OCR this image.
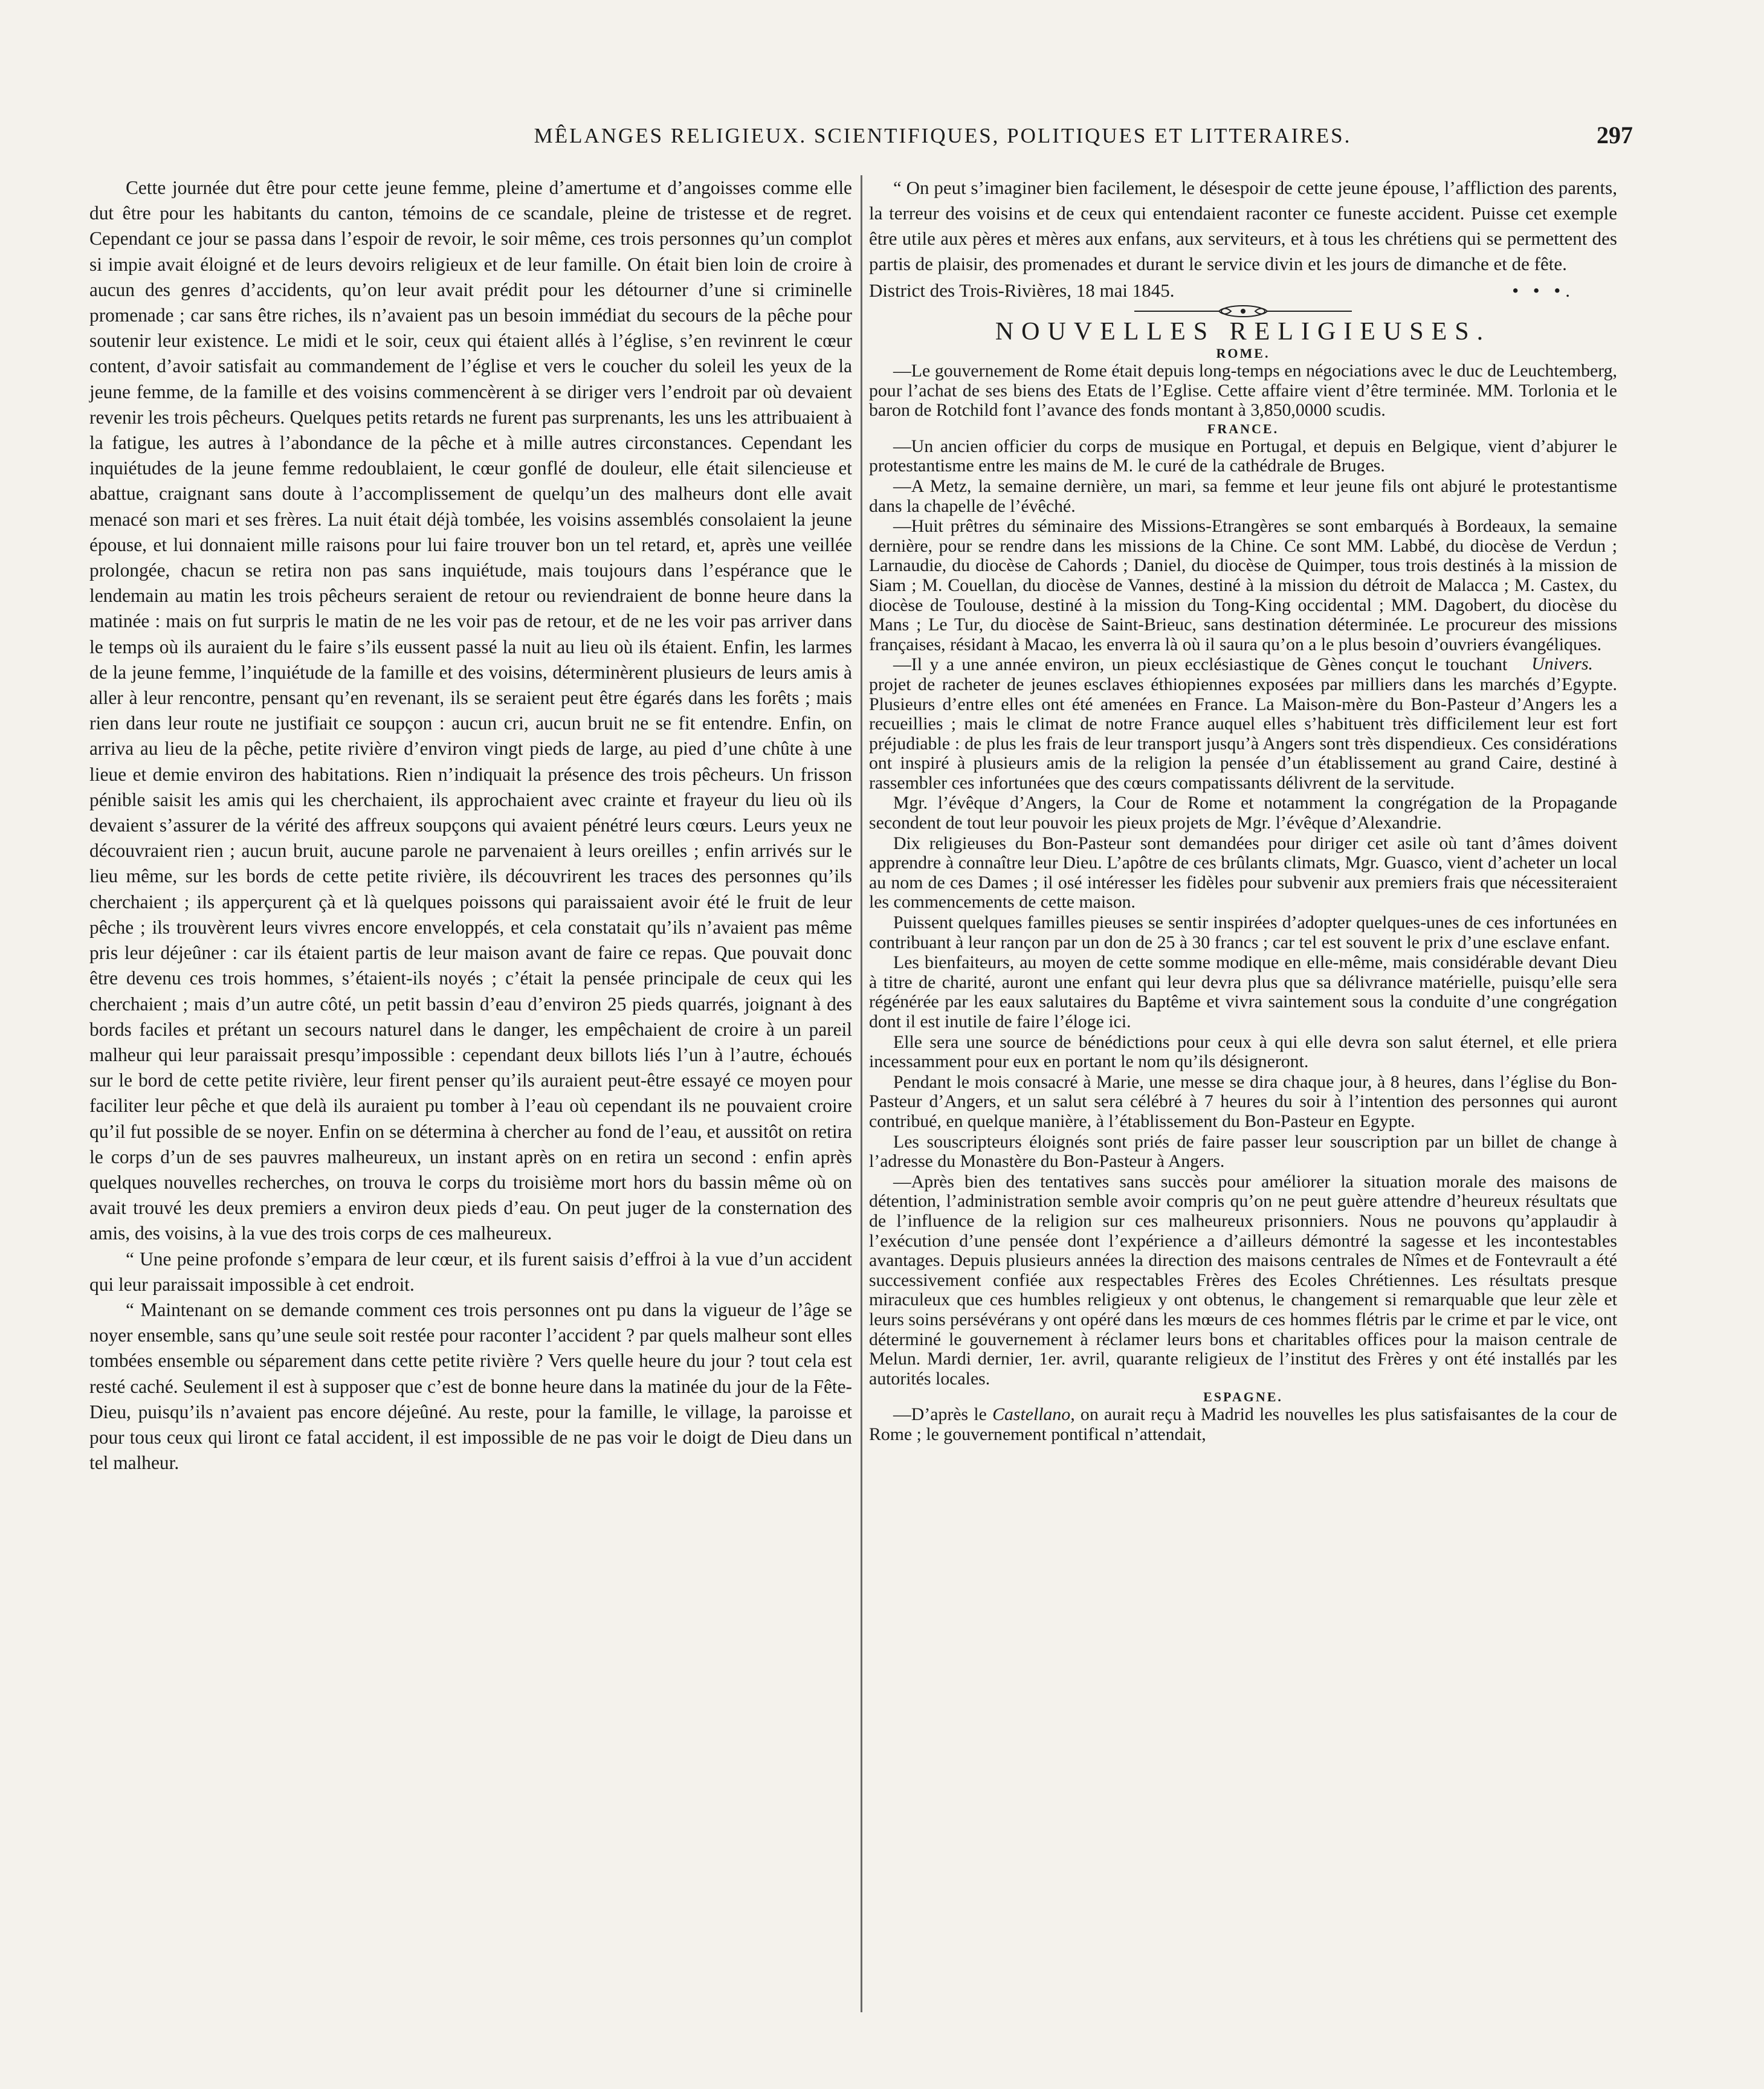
MÊLANGES RELIGIEUX. SCIENTIFIQUES, POLITIQUES ET LITTERAIRES.	297

Cette journée dut être pour cette jeune femme, pleine d’amertume et d’angoisses comme elle dut être pour les habitants du canton, témoins de ce scandale, pleine de tristesse et de regret. Cependant ce jour se passa dans l’espoir de revoir, le soir même, ces trois personnes qu’un complot si impie avait éloigné et de leurs devoirs religieux et de leur famille. On était bien loin de croire à aucun des genres d’accidents, qu’on leur avait prédit pour les détourner d’une si criminelle promenade ; car sans être riches, ils n’avaient pas un besoin immédiat du secours de la pêche pour soutenir leur existence. Le midi et le soir, ceux qui étaient allés à l’église, s’en revinrent le cœur content, d’avoir satisfait au commandement de l’église et vers le coucher du soleil les yeux de la jeune femme, de la famille et des voisins commencèrent à se diriger vers l’endroit par où devaient revenir les trois pêcheurs. Quelques petits retards ne furent pas surprenants, les uns les attribuaient à la fatigue, les autres à l’abondance de la pêche et à mille autres circonstances. Cependant les inquiétudes de la jeune femme redoublaient, le cœur gonflé de douleur, elle était silencieuse et abattue, craignant sans doute à l’accomplissement de quelqu’un des malheurs dont elle avait menacé son mari et ses frères. La nuit était déjà tombée, les voisins assemblés consolaient la jeune épouse, et lui donnaient mille raisons pour lui faire trouver bon un tel retard, et, après une veillée prolongée, chacun se retira non pas sans inquiétude, mais toujours dans l’espérance que le lendemain au matin les trois pêcheurs seraient de retour ou reviendraient de bonne heure dans la matinée : mais on fut surpris le matin de ne les voir pas de retour, et de ne les voir pas arriver dans le temps où ils auraient du le faire s’ils eussent passé la nuit au lieu où ils étaient. Enfin, les larmes de la jeune femme, l’inquiétude de la famille et des voisins, déterminèrent plusieurs de leurs amis à aller à leur rencontre, pensant qu’en revenant, ils se seraient peut être égarés dans les forêts ; mais rien dans leur route ne justifiait ce soupçon : aucun cri, aucun bruit ne se fit entendre. Enfin, on arriva au lieu de la pêche, petite rivière d’environ vingt pieds de large, au pied d’une chûte à une lieue et demie environ des habitations. Rien n’indiquait la présence des trois pêcheurs. Un frisson pénible saisit les amis qui les cherchaient, ils approchaient avec crainte et frayeur du lieu où ils devaient s’assurer de la vérité des affreux soupçons qui avaient pénétré leurs cœurs. Leurs yeux ne découvraient rien ; aucun bruit, aucune parole ne parvenaient à leurs oreilles ; enfin arrivés sur le lieu même, sur les bords de cette petite rivière, ils découvrirent les traces des personnes qu’ils cherchaient ; ils apperçurent çà et là quelques poissons qui paraissaient avoir été le fruit de leur pêche ; ils trouvèrent leurs vivres encore enveloppés, et cela constatait qu’ils n’avaient pas même pris leur déjeûner : car ils étaient partis de leur maison avant de faire ce repas. Que pouvait donc être devenu ces trois hommes, s’étaient-ils noyés ; c’était la pensée principale de ceux qui les cherchaient ; mais d’un autre côté, un petit bassin d’eau d’environ 25 pieds quarrés, joignant à des bords faciles et prétant un secours naturel dans le danger, les empêchaient de croire à un pareil malheur qui leur paraissait presqu’impossible : cependant deux billots liés l’un à l’autre, échoués sur le bord de cette petite rivière, leur firent penser qu’ils auraient peut-être essayé ce moyen pour faciliter leur pêche et que delà ils auraient pu tomber à l’eau où cependant ils ne pouvaient croire qu’il fut possible de se noyer. Enfin on se détermina à chercher au fond de l’eau, et aussitôt on retira le corps d’un de ses pauvres malheureux, un instant après on en retira un second : enfin après quelques nouvelles recherches, on trouva le corps du troisième mort hors du bassin même où on avait trouvé les deux premiers a environ deux pieds d’eau. On peut juger de la consternation des amis, des voisins, à la vue des trois corps de ces malheureux.

“ Une peine profonde s’empara de leur cœur, et ils furent saisis d’effroi à la vue d’un accident qui leur paraissait impossible à cet endroit.

“ Maintenant on se demande comment ces trois personnes ont pu dans la vigueur de l’âge se noyer ensemble, sans qu’une seule soit restée pour raconter l’accident ? par quels malheur sont elles tombées ensemble ou séparement dans cette petite rivière ? Vers quelle heure du jour ? tout cela est resté caché. Seulement il est à supposer que c’est de bonne heure dans la matinée du jour de la Fête-Dieu, puisqu’ils n’avaient pas encore déjeûné. Au reste, pour la famille, le village, la paroisse et pour tous ceux qui liront ce fatal accident, il est impossible de ne pas voir le doigt de Dieu dans un tel malheur.

“ On peut s’imaginer bien facilement, le désespoir de cette jeune épouse, l’affliction des parents, la terreur des voisins et de ceux qui entendaient raconter ce funeste accident. Puisse cet exemple être utile aux pères et mères aux enfans, aux serviteurs, et à tous les chrétiens qui se permettent des partis de plaisir, des promenades et durant le service divin et les jours de dimanche et de fête.

District des Trois-Rivières, 18 mai 1845.	• • •.
NOUVELLES RELIGIEUSES.
ROME.

—Le gouvernement de Rome était depuis long-temps en négociations avec le duc de Leuchtemberg, pour l’achat de ses biens des Etats de l’Eglise. Cette affaire vient d’être terminée. MM. Torlonia et le baron de Rotchild font l’avance des fonds montant à 3,850,0000 scudis.

FRANCE.

—Un ancien officier du corps de musique en Portugal, et depuis en Belgique, vient d’abjurer le protestantisme entre les mains de M. le curé de la cathédrale de Bruges.

—A Metz, la semaine dernière, un mari, sa femme et leur jeune fils ont abjuré le protestantisme dans la chapelle de l’évêché.

—Huit prêtres du séminaire des Missions-Etrangères se sont embarqués à Bordeaux, la semaine dernière, pour se rendre dans les missions de la Chine. Ce sont MM. Labbé, du diocèse de Verdun ; Larnaudie, du diocèse de Cahords ; Daniel, du diocèse de Quimper, tous trois destinés à la mission de Siam ; M. Couellan, du diocèse de Vannes, destiné à la mission du détroit de Malacca ; M. Castex, du diocèse de Toulouse, destiné à la mission du Tong-King occidental ; MM. Dagobert, du diocèse du Mans ; Le Tur, du diocèse de Saint-Brieuc, sans destination déterminée. Le procureur des missions françaises, résidant à Macao, les enverra là où il saura qu’on a le plus besoin d’ouvriers évangéliques.
Univers.

—Il y a une année environ, un pieux ecclésiastique de Gènes conçut le touchant projet de racheter de jeunes esclaves éthiopiennes exposées par milliers dans les marchés d’Egypte. Plusieurs d’entre elles ont été amenées en France. La Maison-mère du Bon-Pasteur d’Angers les a recueillies ; mais le climat de notre France auquel elles s’habituent très difficilement leur est fort préjudiable : de plus les frais de leur transport jusqu’à Angers sont très dispendieux. Ces considérations ont inspiré à plusieurs amis de la religion la pensée d’un établissement au grand Caire, destiné à rassembler ces infortunées que des cœurs compatissants délivrent de la servitude.

Mgr. l’évêque d’Angers, la Cour de Rome et notamment la congrégation de la Propagande secondent de tout leur pouvoir les pieux projets de Mgr. l’évêque d’Alexandrie.

Dix religieuses du Bon-Pasteur sont demandées pour diriger cet asile où tant d’âmes doivent apprendre à connaître leur Dieu. L’apôtre de ces brûlants climats, Mgr. Guasco, vient d’acheter un local au nom de ces Dames ; il osé intéresser les fidèles pour subvenir aux premiers frais que nécessiteraient les commencements de cette maison.

Puissent quelques familles pieuses se sentir inspirées d’adopter quelques-unes de ces infortunées en contribuant à leur rançon par un don de 25 à 30 francs ; car tel est souvent le prix d’une esclave enfant.

Les bienfaiteurs, au moyen de cette somme modique en elle-même, mais considérable devant Dieu à titre de charité, auront une enfant qui leur devra plus que sa délivrance matérielle, puisqu’elle sera régénérée par les eaux salutaires du Baptême et vivra saintement sous la conduite d’une congrégation dont il est inutile de faire l’éloge ici.

Elle sera une source de bénédictions pour ceux à qui elle devra son salut éternel, et elle priera incessamment pour eux en portant le nom qu’ils désigneront.

Pendant le mois consacré à Marie, une messe se dira chaque jour, à 8 heures, dans l’église du Bon-Pasteur d’Angers, et un salut sera célébré à 7 heures du soir à l’intention des personnes qui auront contribué, en quelque manière, à l’établissement du Bon-Pasteur en Egypte.

Les souscripteurs éloignés sont priés de faire passer leur souscription par un billet de change à l’adresse du Monastère du Bon-Pasteur à Angers.

—Après bien des tentatives sans succès pour améliorer la situation morale des maisons de détention, l’administration semble avoir compris qu’on ne peut guère attendre d’heureux résultats que de l’influence de la religion sur ces malheureux prisonniers. Nous ne pouvons qu’applaudir à l’exécution d’une pensée dont l’expérience a d’ailleurs démontré la sagesse et les incontestables avantages. Depuis plusieurs années la direction des maisons centrales de Nîmes et de Fontevrault a été successivement confiée aux respectables Frères des Ecoles Chrétiennes. Les résultats presque miraculeux que ces humbles religieux y ont obtenus, le changement si remarquable que leur zèle et leurs soins persévérans y ont opéré dans les mœurs de ces hommes flétris par le crime et par le vice, ont déterminé le gouvernement à réclamer leurs bons et charitables offices pour la maison centrale de Melun. Mardi dernier, 1er. avril, quarante religieux de l’institut des Frères y ont été installés par les autorités locales.

ESPAGNE.

—D’après le Castellano, on aurait reçu à Madrid les nouvelles les plus satisfaisantes de la cour de Rome ; le gouvernement pontifical n’attendait,
